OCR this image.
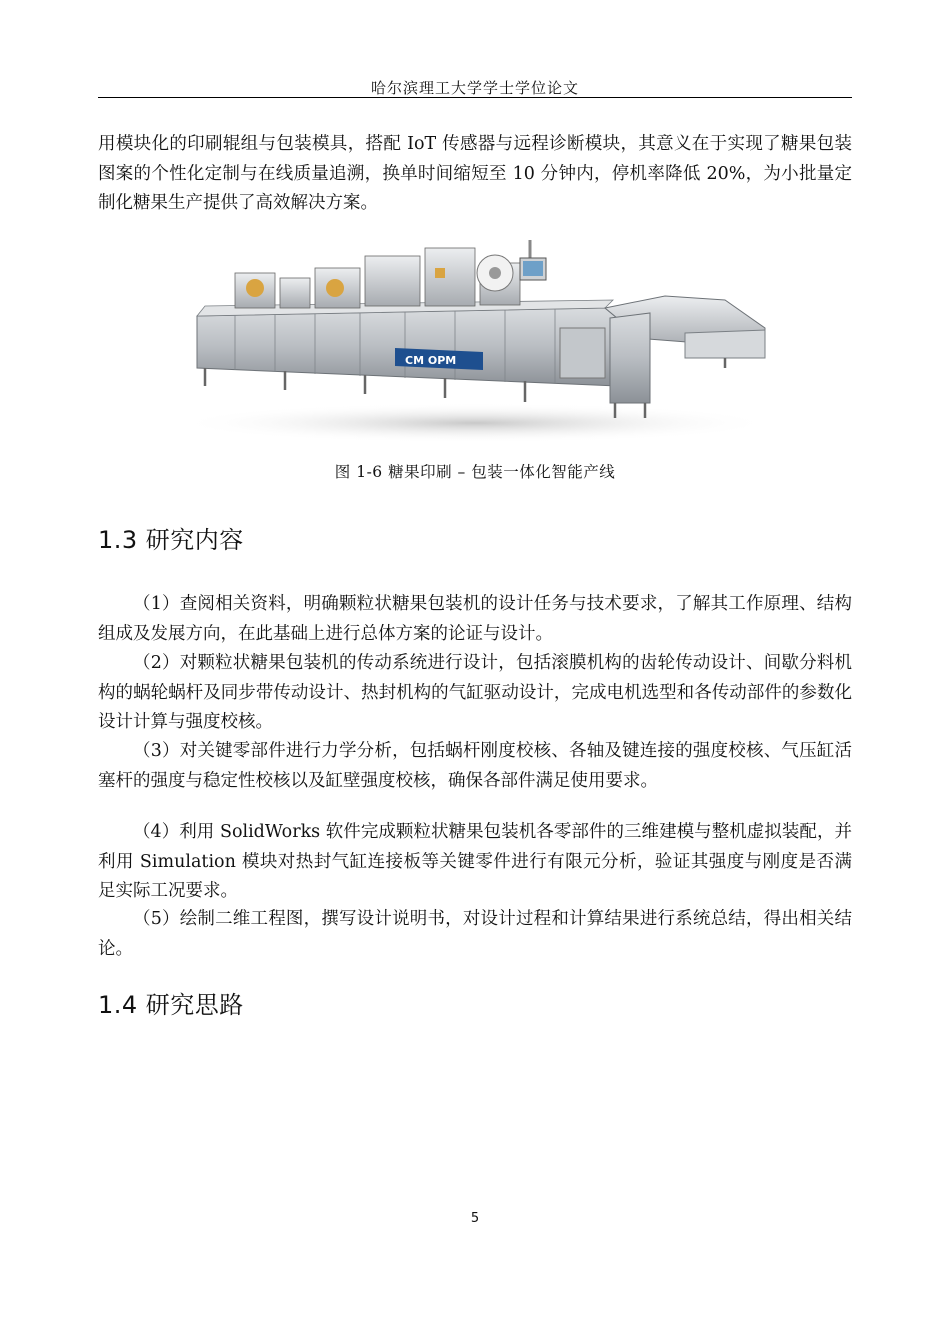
哈尔滨理工大学学士学位论文

用模块化的印刷辊组与包装模具，搭配 IoT 传感器与远程诊断模块，其意义在于实现了糖果包装图案的个性化定制与在线质量追溯，换单时间缩短至 10 分钟内，停机率降低 20%，为小批量定制化糖果生产提供了高效解决方案。

CM OPM
图 1-6 糖果印刷 – 包装一体化智能产线
1.3 研究内容

（1）查阅相关资料，明确颗粒状糖果包装机的设计任务与技术要求，了解其工作原理、结构组成及发展方向，在此基础上进行总体方案的论证与设计。

（2）对颗粒状糖果包装机的传动系统进行设计，包括滚膜机构的齿轮传动设计、间歇分料机构的蜗轮蜗杆及同步带传动设计、热封机构的气缸驱动设计，完成电机选型和各传动部件的参数化设计计算与强度校核。

（3）对关键零部件进行力学分析，包括蜗杆刚度校核、各轴及键连接的强度校核、气压缸活塞杆的强度与稳定性校核以及缸壁强度校核，确保各部件满足使用要求。

（4）利用 SolidWorks 软件完成颗粒状糖果包装机各零部件的三维建模与整机虚拟装配，并利用 Simulation 模块对热封气缸连接板等关键零件进行有限元分析，验证其强度与刚度是否满足实际工况要求。

（5）绘制二维工程图，撰写设计说明书，对设计过程和计算结果进行系统总结，得出相关结论。

1.4 研究思路
5
